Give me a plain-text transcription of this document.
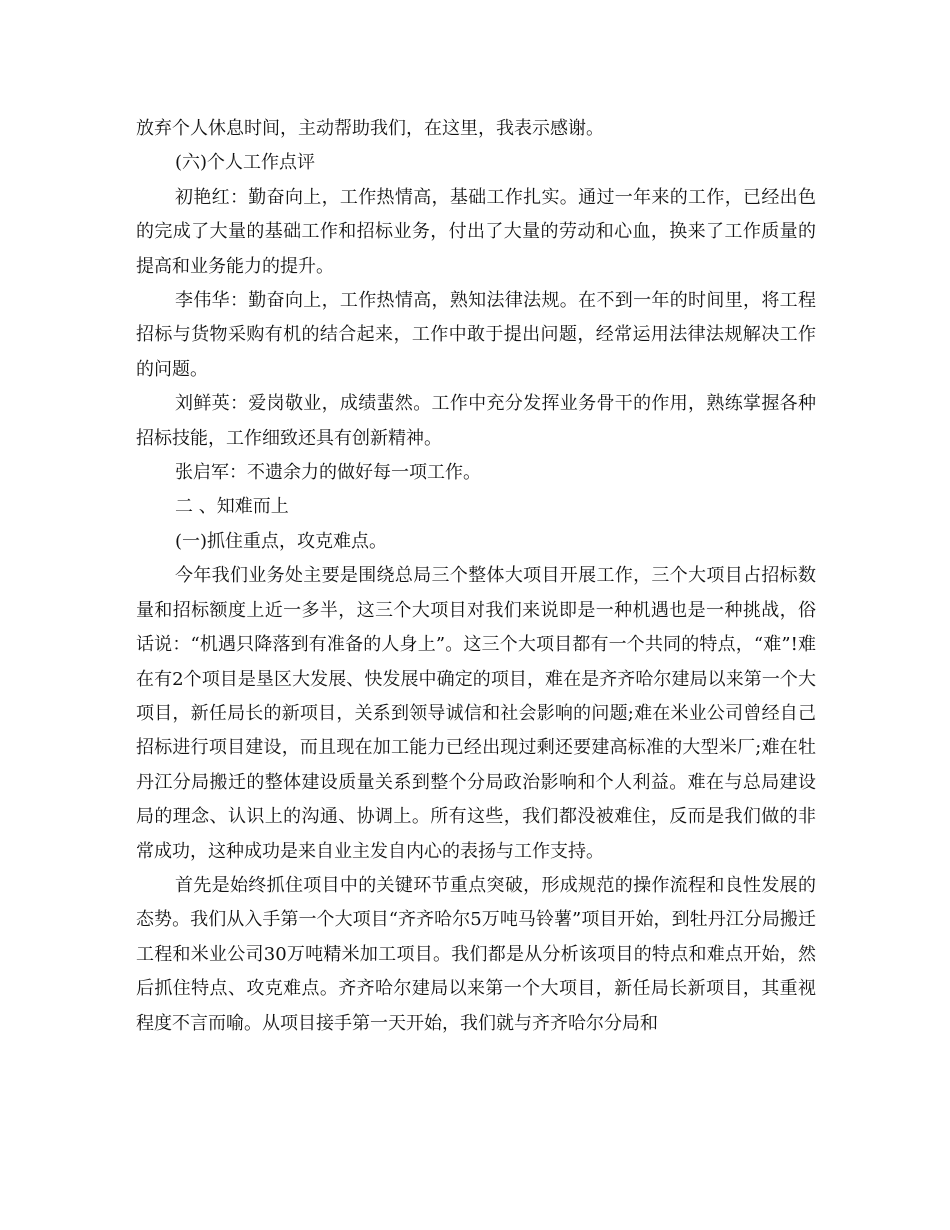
放弃个人休息时间，主动帮助我们，在这里，我表示感谢。

(六)个人工作点评

初艳红：勤奋向上，工作热情高，基础工作扎实。通过一年来的工作，已经出色的完成了大量的基础工作和招标业务，付出了大量的劳动和心血，换来了工作质量的提高和业务能力的提升。

李伟华：勤奋向上，工作热情高，熟知法律法规。在不到一年的时间里，将工程招标与货物采购有机的结合起来，工作中敢于提出问题，经常运用法律法规解决工作的问题。

刘鲜英：爱岗敬业，成绩蜚然。工作中充分发挥业务骨干的作用，熟练掌握各种招标技能，工作细致还具有创新精神。

张启军：不遗余力的做好每一项工作。

二 、知难而上

(一)抓住重点，攻克难点。

今年我们业务处主要是围绕总局三个整体大项目开展工作，三个大项目占招标数量和招标额度上近一多半，这三个大项目对我们来说即是一种机遇也是一种挑战，俗话说：“机遇只降落到有准备的人身上”。这三个大项目都有一个共同的特点，“难”!难在有2个项目是垦区大发展、快发展中确定的项目，难在是齐齐哈尔建局以来第一个大项目，新任局长的新项目，关系到领导诚信和社会影响的问题;难在米业公司曾经自己招标进行项目建设，而且现在加工能力已经出现过剩还要建高标准的大型米厂;难在牡丹江分局搬迁的整体建设质量关系到整个分局政治影响和个人利益。难在与总局建设局的理念、认识上的沟通、协调上。所有这些，我们都没被难住，反而是我们做的非常成功，这种成功是来自业主发自内心的表扬与工作支持。

首先是始终抓住项目中的关键环节重点突破，形成规范的操作流程和良性发展的态势。我们从入手第一个大项目“齐齐哈尔5万吨马铃薯”项目开始，到牡丹江分局搬迁工程和米业公司30万吨精米加工项目。我们都是从分析该项目的特点和难点开始，然后抓住特点、攻克难点。齐齐哈尔建局以来第一个大项目，新任局长新项目，其重视程度不言而喻。从项目接手第一天开始，我们就与齐齐哈尔分局和
